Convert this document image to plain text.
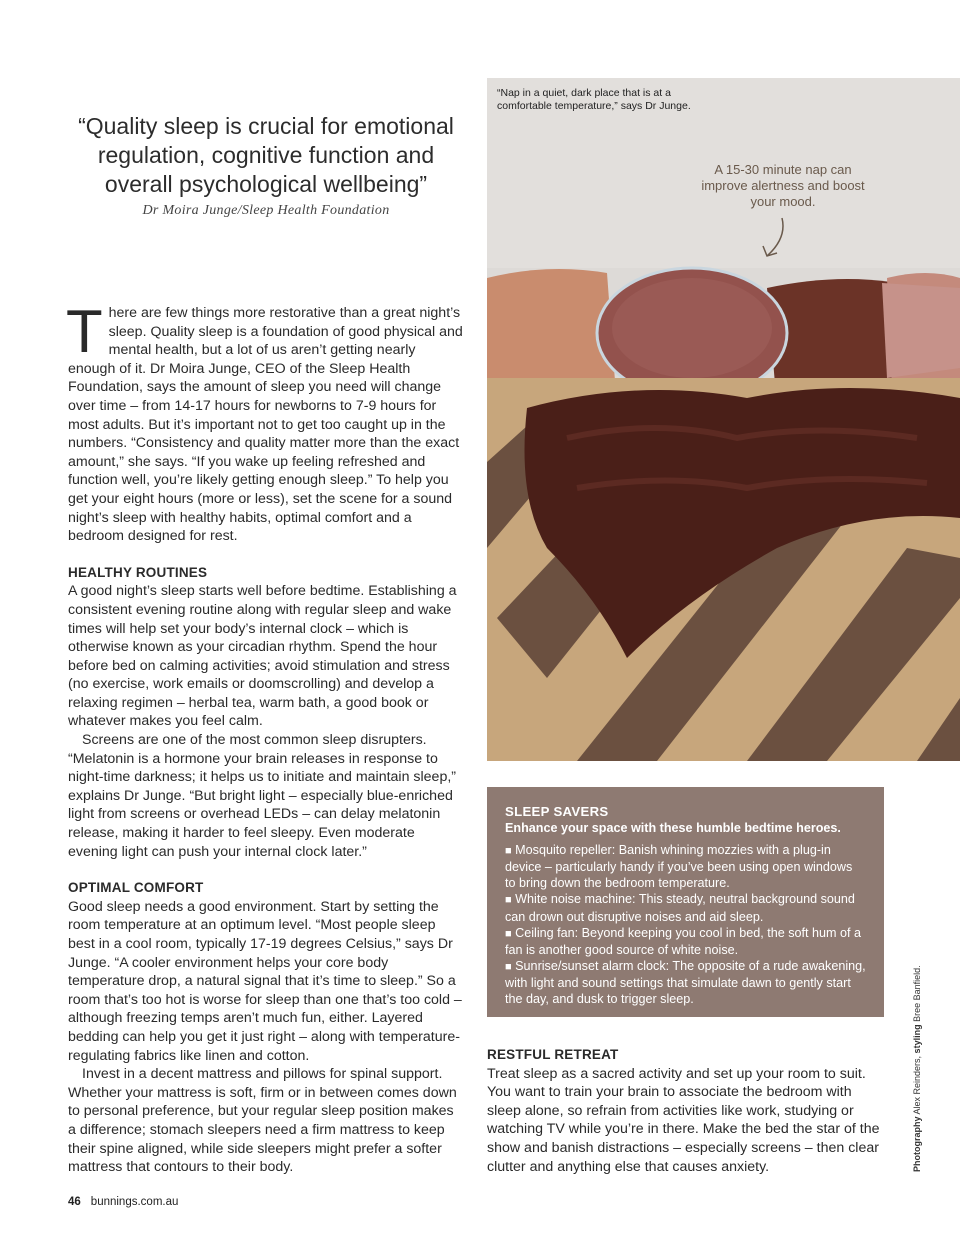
“Quality sleep is crucial for emotional regulation, cognitive function and overall psychological wellbeing”

Dr Moira Junge/Sleep Health Foundation

There are few things more restorative than a great night’s sleep. Quality sleep is a foundation of good physical and mental health, but a lot of us aren’t getting nearly enough of it. Dr Moira Junge, CEO of the Sleep Health Foundation, says the amount of sleep you need will change over time – from 14-17 hours for newborns to 7-9 hours for most adults. But it’s important not to get too caught up in the numbers. “Consistency and quality matter more than the exact amount,” she says. “If you wake up feeling refreshed and function well, you’re likely getting enough sleep.” To help you get your eight hours (more or less), set the scene for a sound night’s sleep with healthy habits, optimal comfort and a bedroom designed for rest.

HEALTHY ROUTINES

A good night’s sleep starts well before bedtime. Establishing a consistent evening routine along with regular sleep and wake times will help set your body’s internal clock – which is otherwise known as your circadian rhythm. Spend the hour before bed on calming activities; avoid stimulation and stress (no exercise, work emails or doomscrolling) and develop a relaxing regimen – herbal tea, warm bath, a good book or whatever makes you feel calm.

Screens are one of the most common sleep disrupters. “Melatonin is a hormone your brain releases in response to night-time darkness; it helps us to initiate and maintain sleep,” explains Dr Junge. “But bright light – especially blue-enriched light from screens or overhead LEDs – can delay melatonin release, making it harder to feel sleepy. Even moderate evening light can push your internal clock later.”

OPTIMAL COMFORT

Good sleep needs a good environment. Start by setting the room temperature at an optimum level. “Most people sleep best in a cool room, typically 17-19 degrees Celsius,” says Dr Junge. “A cooler environment helps your core body temperature drop, a natural signal that it’s time to sleep.” So a room that’s too hot is worse for sleep than one that’s too cold – although freezing temps aren’t much fun, either. Layered bedding can help you get it just right – along with temperature-regulating fabrics like linen and cotton.

Invest in a decent mattress and pillows for spinal support. Whether your mattress is soft, firm or in between comes down to personal preference, but your regular sleep position makes a difference; stomach sleepers need a firm mattress to keep their spine aligned, while side sleepers might prefer a softer mattress that contours to their body.

“Nap in a quiet, dark place that is at a comfortable temperature,” says Dr Junge.
A 15-30 minute nap can improve alertness and boost your mood.

SLEEP SAVERS

Enhance your space with these humble bedtime heroes.

■ Mosquito repeller: Banish whining mozzies with a plug-in device – particularly handy if you’ve been using open windows to bring down the bedroom temperature.

■ White noise machine: This steady, neutral background sound can drown out disruptive noises and aid sleep.

■ Ceiling fan: Beyond keeping you cool in bed, the soft hum of a fan is another good source of white noise.

■ Sunrise/sunset alarm clock: The opposite of a rude awakening, with light and sound settings that simulate dawn to gently start the day, and dusk to trigger sleep.

RESTFUL RETREAT

Treat sleep as a sacred activity and set up your room to suit. You want to train your brain to associate the bedroom with sleep alone, so refrain from activities like work, studying or watching TV while you’re in there. Make the bed the star of the show and banish distractions – especially screens – then clear clutter and anything else that causes anxiety.	Photography Alex Reinders, styling Bree Banfield.
46 bunnings.com.au
